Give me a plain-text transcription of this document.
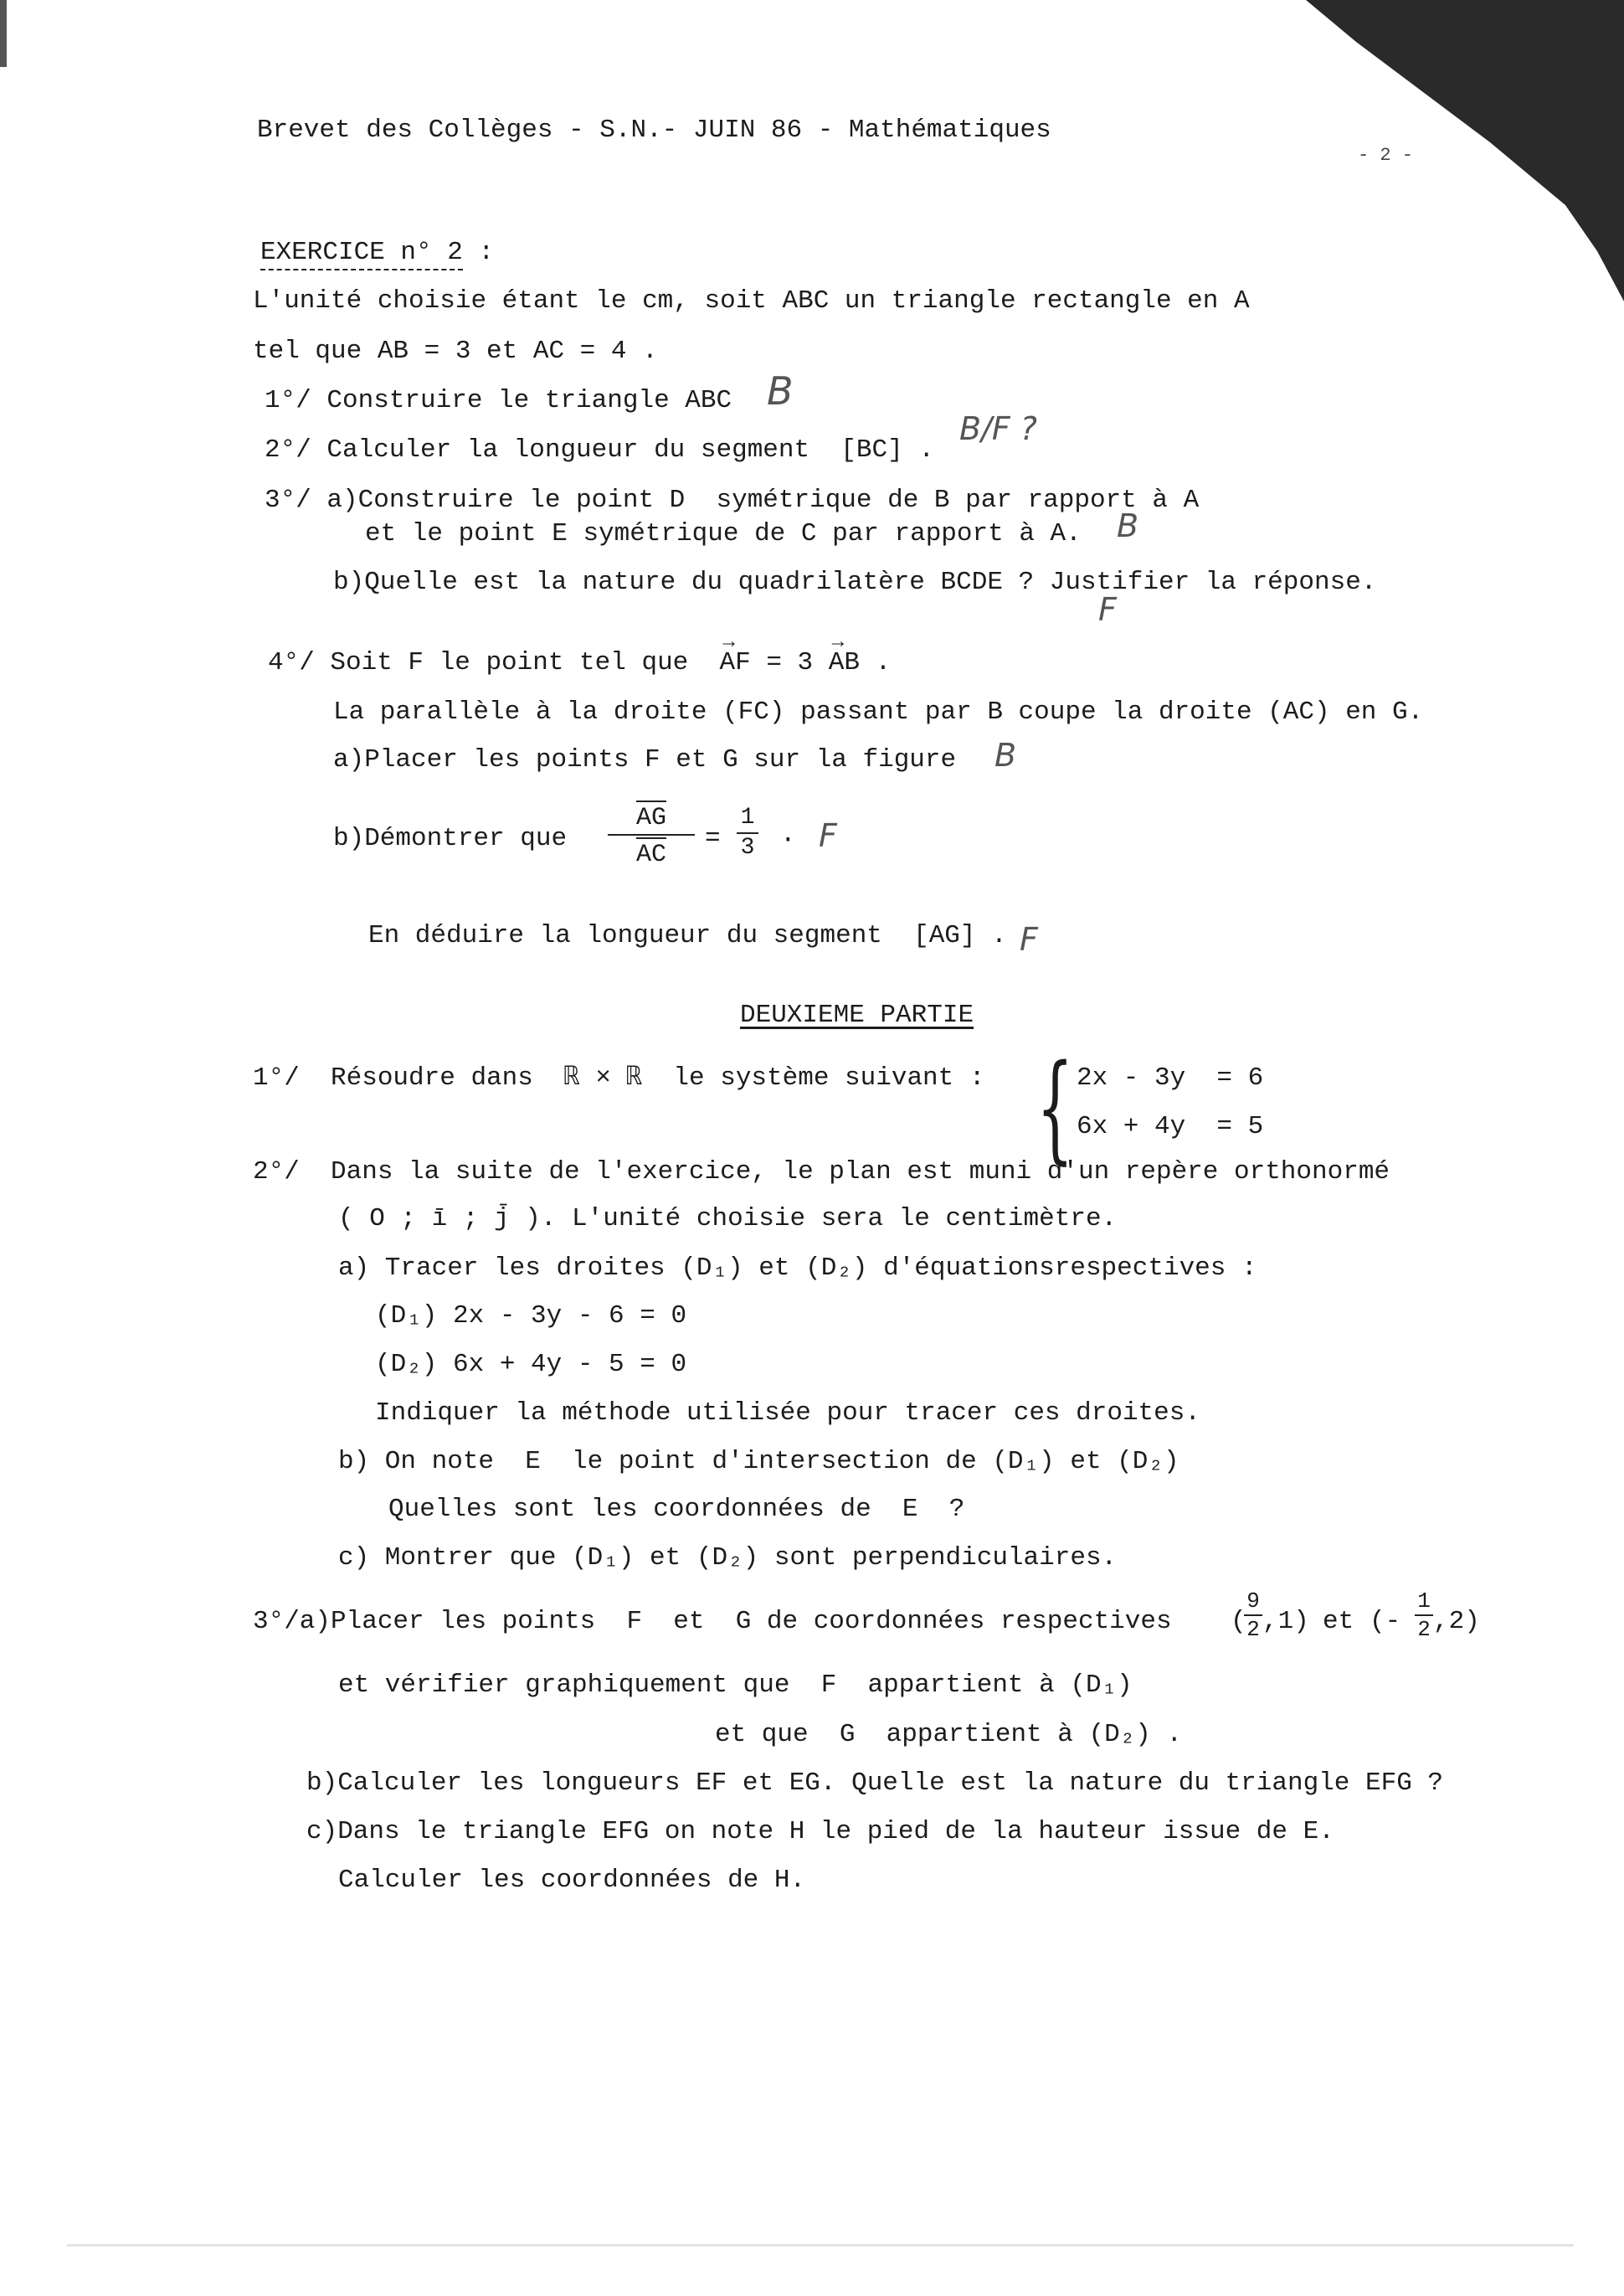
Brevet des Collèges - S.N.- JUIN 86 - Mathématiques
- 2 -
EXERCICE n° 2 :
L'unité choisie étant le cm, soit ABC un triangle rectangle en A
tel que AB = 3 et AC = 4 .
1°/ Construire le triangle ABC
2°/ Calculer la longueur du segment  [BC] .
3°/ a)Construire le point D  symétrique de B par rapport à A
et le point E symétrique de C par rapport à A.
b)Quelle est la nature du quadrilatère BCDE ? Justifier la réponse.
4°/ Soit F le point tel que → AF = 3 → AB .
La parallèle à la droite (FC) passant par B coupe la droite (AC) en G.
a)Placer les points F et G sur la figure
b)Démontrer que $\frac{AG}{AC}$ =
1
3 ·
En déduire la longueur du segment  [AG] .
DEUXIEME PARTIE
1°/  Résoudre dans  ℝ × ℝ  le système suivant : { 2x - 3y  = 6
6x + 4y  = 5
2°/  Dans la suite de l'exercice, le plan est muni d'un repère orthonormé
( O ; ī ; j̄ ). L'unité choisie sera le centimètre.
a) Tracer les droites (D₁) et (D₂) d'équationsrespectives :
(D₁) 2x - 3y - 6 = 0
(D₂) 6x + 4y - 5 = 0
Indiquer la méthode utilisée pour tracer ces droites.
b) On note  E  le point d'intersection de (D₁) et (D₂)
Quelles sont les coordonnées de  E  ?
c) Montrer que (D₁) et (D₂) sont perpendiculaires.
3°/a)Placer les points  F  et  G de coordonnées respectives (
9
2 ,1) et (-
1
2 ,2)
et vérifier graphiquement que  F  appartient à (D₁)
et que  G  appartient à (D₂) .
b)Calculer les longueurs EF et EG. Quelle est la nature du triangle EFG ?
c)Dans le triangle EFG on note H le pied de la hauteur issue de E.
Calculer les coordonnées de H.
B
B/F ?
B
F
B
F
F
